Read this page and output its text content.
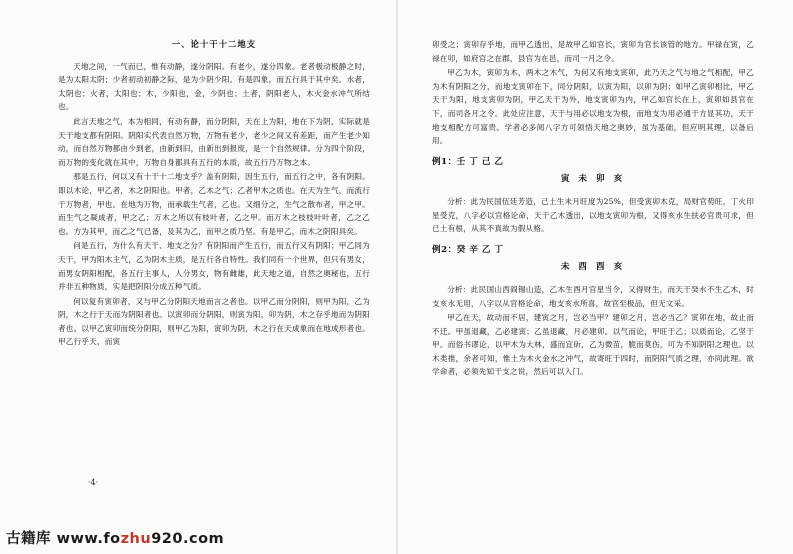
一、论十干十二地支

天地之间，一气而已，惟有动静，遂分阴阳。有老少，遂分四象。老者极动极静之时，是为太阳太阴；少者初动初静之际，是为少阴少阳。有是四象，而五行具于其中矣。水者，太阴也；火者，太阳也；木，少阳也，金，少阴也；土者，阴阳老人，木火金水冲气所结也。

此言天地之气，本为相同，有动有静，而分阴阳，天在上为阳，地在下为阴，实际就是天干地支都有阴阳。阴阳实代表自然万物，万物有老少，老少之间又有差距，而产生老少知动，而自然万物都由少到老，由新到旧，由新出到报废，是一个自然规律。分为四个阶段，而万物的变化就在其中，万物自身都具有五行的本质，故五行乃万物之本。

那是五行，何以又有十干十二地支乎？盖有阴阳，因生五行，而五行之中，各有阴阳。即以木论，甲乙者，木之阴阳也。甲者，乙木之气；乙者甲木之质也。在天为生气，而流行于万物者，甲也。在地为万物，而承载生气者，乙也。又细分之，生气之散布者，甲之甲。而生气之凝成者，甲之乙；万木之所以有枝叶者，乙之甲。而万木之枝枝叶叶者，乙之乙也。方为其甲，而乙之气已备，及其为乙，而甲之质乃坚。有是甲乙，而木之阴阳具矣。

问是五行，为什么有天干、地支之分？有阴阳而产生五行，而五行又有阴阳；甲乙同为天干，甲为阳木主气，乙为阴木主质，是五行各自特性。我们同有一个世界，但只有男女，而男女阴阳相配，各五行主事人，人分男女，物有雌雄，此天地之道，自然之奥秘也，五行并非五种物质，实是把阴阳分成五种气质。

何以复有寅卯者，又与甲乙分阴阳天地而言之者也。以甲乙而分阴阳，则甲为阳，乙为阴，木之行于天而为阴阳者也。以寅卯而分阴阳，则寅为阳，卯为阴，木之存乎地而为阴阳者也。以甲乙寅卯而统分阴阳，则甲乙为阳，寅卯为阴，木之行在天成象而在地成形者也。甲乙行乎天，而寅

·4·

卯受之；寅卯存乎地，而甲乙透出，是故甲乙如官长，寅卯为官长该管的地方。甲禄在寅，乙禄在卯，如府官之在郡，县官为在邑，而司一月之令。

甲乙为木，寅卯为木，两木之木气，为何又有地支寅卯，此乃天之气与地之气相配，甲乙为木有阴阳之分，而地支寅卯在下，同分阴阳，以寅为阳，以卯为阴；如甲乙寅卯相比，甲乙天干为阳，地支寅卯为阴，甲乙天干为外，地支寅卯为内，甲乙如官长在上，寅卯如县官在下，而司各月之令。此处应注意，天干与用必以地支为根，而地支为用必通干方显其功，天干地支相配方可富贵。学者必多阅八字方可领悟天地之奥妙，虽为基础，但应明其理，以备后用。

例1：壬 丁 己 乙
寅 未 卯 亥

分析：此为民国伍廷芳造，己土生未月旺度为25%，但受寅卯木克，局财官势旺，丁火印星受克，八字必以官格论命，天干乙木透出，以地支寅卯为根，又得亥水生扶必官贵可求，但已土有根，从其不真故为假从格。

例2：癸 辛 乙 丁
未 酉 酉 亥

分析：此民国山西阎锡山造，乙木生酉月官星当令，又得财生，而天干癸水不生乙木，时支亥水无用，八字以从官格论命，地支亥水所喜，故官至极品，但无文采。

甲乙在天，故动而不居，建寅之月，岂必当甲？建卯之月，岂必当乙？寅卯在地，故止而不迁。甲虽退藏，乙必建寅；乙虽退藏，月必建卯。以气而论，甲旺于乙；以质而论，乙坚于甲。而俗书谬论，以甲木为大林，盛而宜斫，乙为微苗，脆而莫伤，可为不知阴阳之理也。以木类推，余者可知，惟土为木火金水之冲气，故寄旺于四时，而阴阳气质之理，亦同此理。欲学命者，必须先知干支之说，然后可以入门。

古籍库 www.fozhu920.com
